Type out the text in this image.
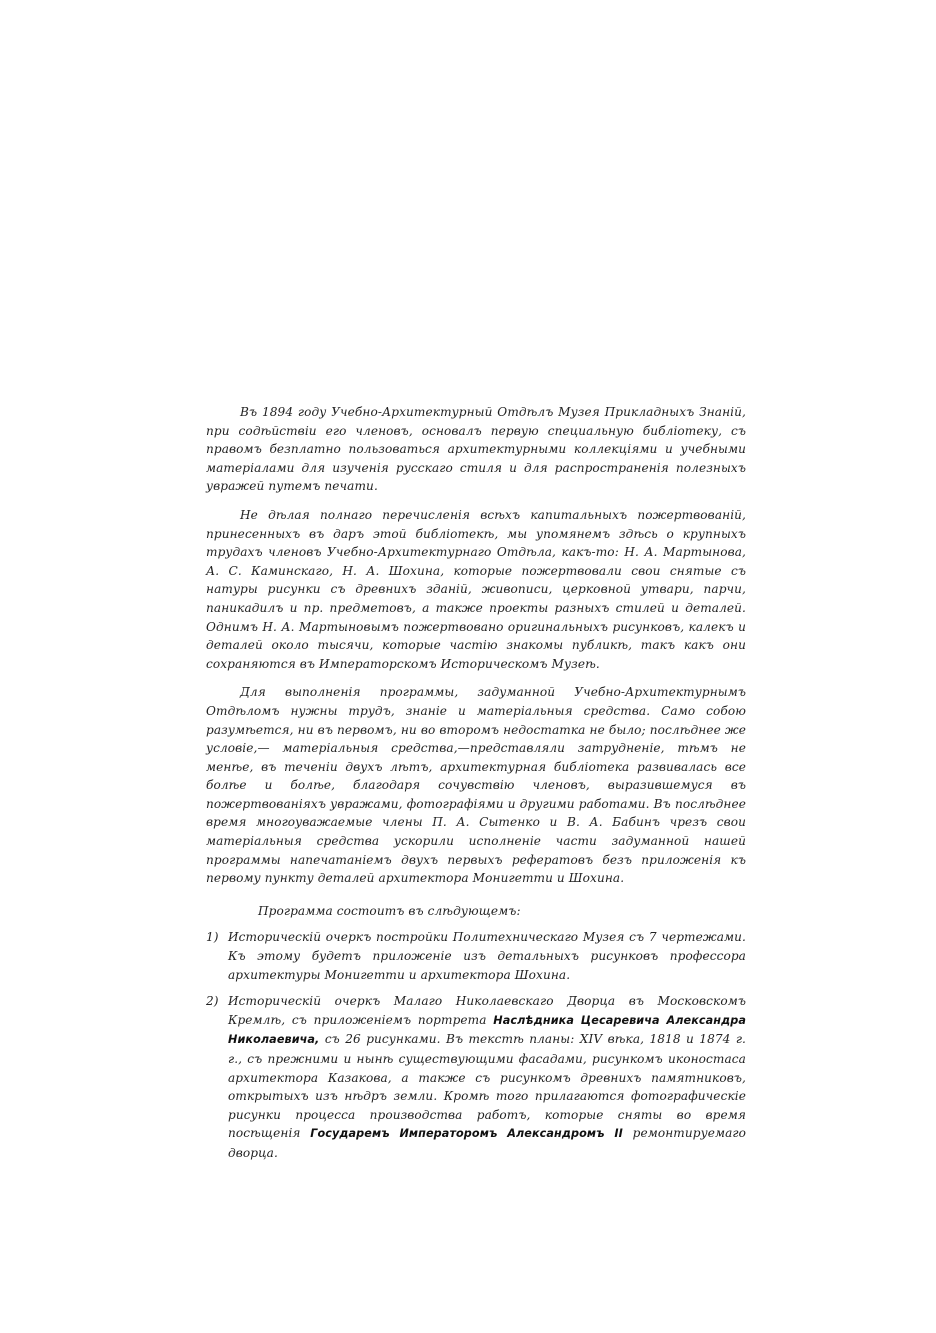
Въ 1894 году Учебно-Архитектурный Отдѣлъ Музея Прикладныхъ Знаній, при содѣйствіи его членовъ, основалъ первую специальную библіотеку, съ правомъ безплатно пользоваться архитектурными коллекціями и учебными матеріалами для изученія русскаго стиля и для распространенія полезныхъ увражей путемъ печати.

Не дѣлая полнаго перечисленія всѣхъ капитальныхъ пожертвованій, принесенныхъ въ даръ этой библіотекѣ, мы упомянемъ здѣсь о крупныхъ трудахъ членовъ Учебно-Архитектурнаго Отдѣла, какъ-то: Н. А. Мартынова, А. С. Каминскаго, Н. А. Шохина, которые пожертвовали свои снятые съ натуры рисунки съ древнихъ зданій, живописи, церковной утвари, парчи, паникадилъ и пр. предметовъ, а также проекты разныхъ стилей и деталей. Однимъ Н. А. Мартыновымъ пожертвовано оригинальныхъ рисунковъ, калекъ и деталей около тысячи, которые частію знакомы публикѣ, такъ какъ они сохраняются въ Императорскомъ Историческомъ Музеѣ.

Для выполненія программы, задуманной Учебно-Архитектурнымъ Отдѣломъ нужны трудъ, знаніе и матеріальныя средства. Само собою разумѣется, ни въ первомъ, ни во второмъ недостатка не было; послѣднее же условіе,— матеріальныя средства,—представляли затрудненіе, тѣмъ не менѣе, въ теченіи двухъ лѣтъ, архитектурная библіотека развивалась все болѣе и болѣе, благодаря сочувствію членовъ, выразившемуся въ пожертвованіяхъ увражами, фотографіями и другими работами. Въ послѣднее время многоуважаемые члены П. А. Сытенко и В. А. Бабинъ чрезъ свои матеріальныя средства ускорили исполненіе части задуманной нашей программы напечатаніемъ двухъ первыхъ рефератовъ безъ приложенія къ первому пункту деталей архитектора Монигетти и Шохина.

Программа состоитъ въ слѣдующемъ:
1) Историческій очеркъ постройки Политехническаго Музея съ 7 чертежами. Къ этому будетъ приложеніе изъ детальныхъ рисунковъ профессора архитектуры Монигетти и архитектора Шохина.
2) Историческій очеркъ Малаго Николаевскаго Дворца въ Московскомъ Кремлѣ, съ приложеніемъ портрета Наслѣдника Цесаревича Александра Николаевича, съ 26 рисунками. Въ текстѣ планы: XIV вѣка, 1818 и 1874 г. г., съ прежними и нынѣ существующими фасадами, рисункомъ иконостаса архитектора Казакова, а также съ рисункомъ древнихъ памятниковъ, открытыхъ изъ нѣдръ земли. Кромѣ того прилагаются фотографическіе рисунки процесса производства работъ, которые сняты во время посѣщенія Государемъ Императоромъ Александромъ II ремонтируемаго дворца.
